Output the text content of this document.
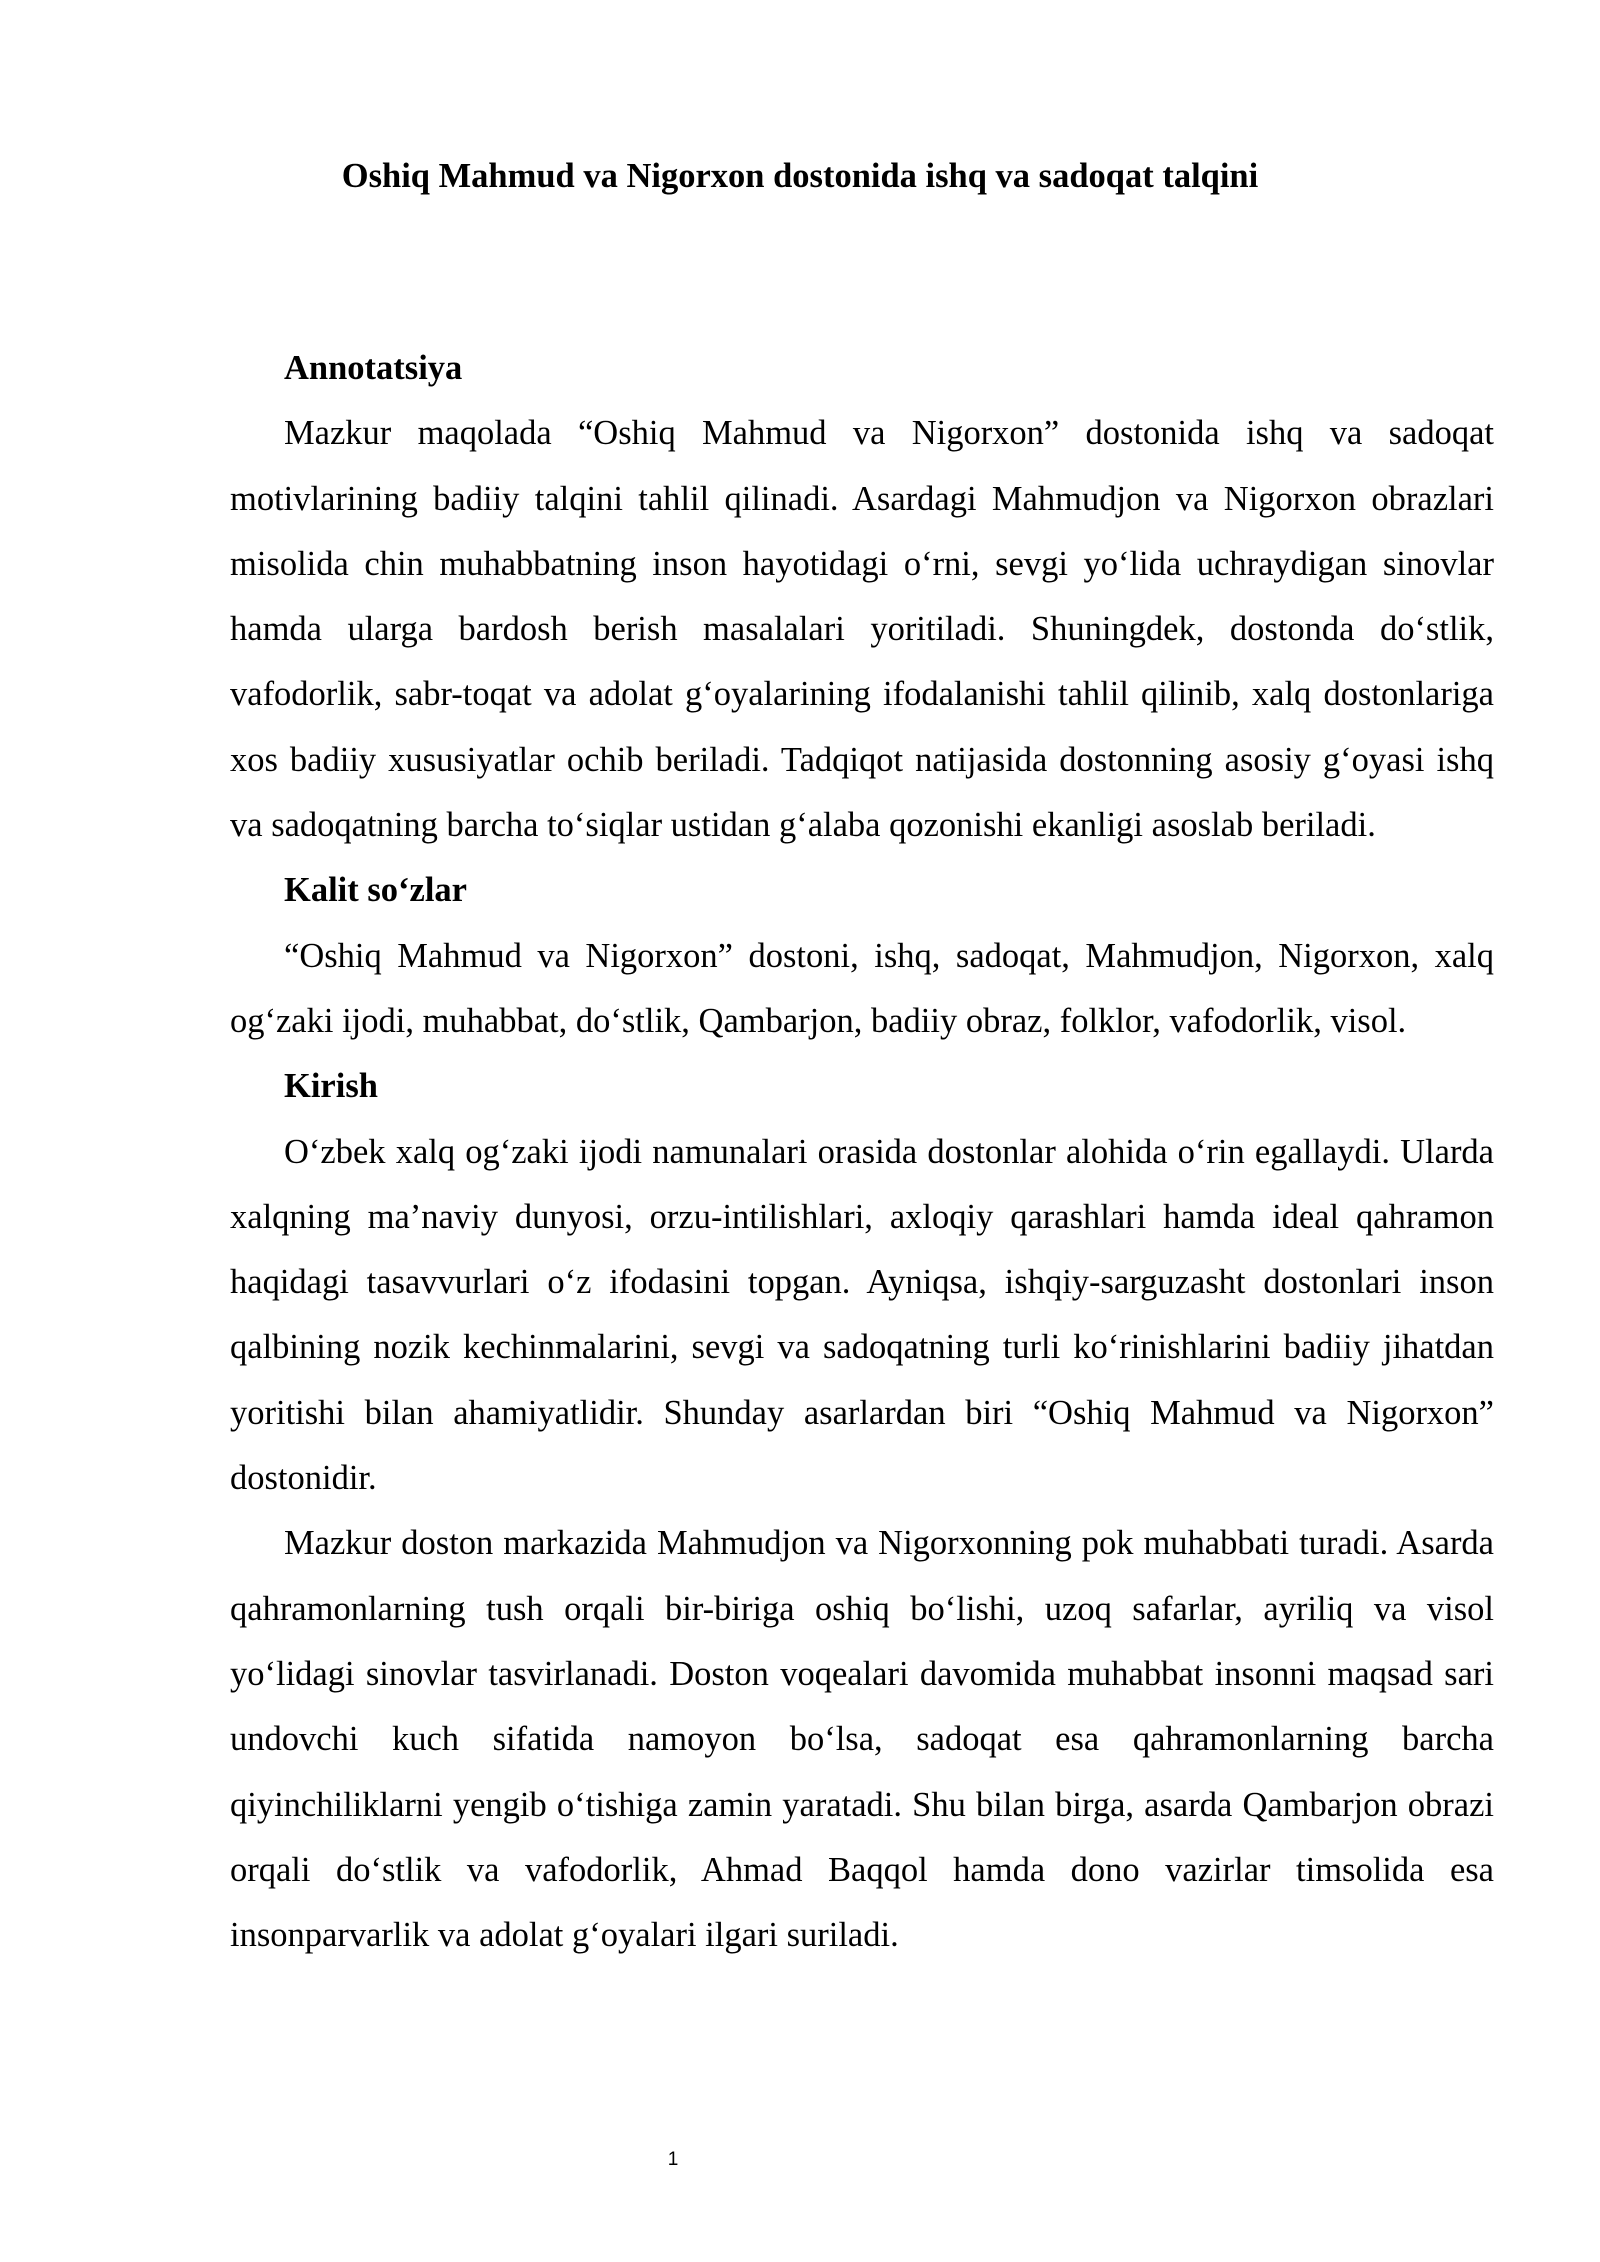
Oshiq Mahmud va Nigorxon dostonida ishq va sadoqat talqini

Annotatsiya

Mazkur maqolada “Oshiq Mahmud va Nigorxon” dostonida ishq va sadoqat motivlarining badiiy talqini tahlil qilinadi. Asardagi Mahmudjon va Nigorxon obrazlari misolida chin muhabbatning inson hayotidagi o‘rni, sevgi yo‘lida uchraydigan sinovlar hamda ularga bardosh berish masalalari yoritiladi. Shuningdek, dostonda do‘stlik, vafodorlik, sabr-toqat va adolat g‘oyalarining ifodalanishi tahlil qilinib, xalq dostonlariga xos badiiy xususiyatlar ochib beriladi. Tadqiqot natijasida dostonning asosiy g‘oyasi ishq va sadoqatning barcha to‘siqlar ustidan g‘alaba qozonishi ekanligi asoslab beriladi.

Kalit so‘zlar

“Oshiq Mahmud va Nigorxon” dostoni, ishq, sadoqat, Mahmudjon, Nigorxon, xalq og‘zaki ijodi, muhabbat, do‘stlik, Qambarjon, badiiy obraz, folklor, vafodorlik, visol.

Kirish

O‘zbek xalq og‘zaki ijodi namunalari orasida dostonlar alohida o‘rin egallaydi. Ularda xalqning ma’naviy dunyosi, orzu-intilishlari, axloqiy qarashlari hamda ideal qahramon haqidagi tasavvurlari o‘z ifodasini topgan. Ayniqsa, ishqiy-sarguzasht dostonlari inson qalbining nozik kechinmalarini, sevgi va sadoqatning turli ko‘rinishlarini badiiy jihatdan yoritishi bilan ahamiyatlidir. Shunday asarlardan biri “Oshiq Mahmud va Nigorxon” dostonidir.

Mazkur doston markazida Mahmudjon va Nigorxonning pok muhabbati turadi. Asarda qahramonlarning tush orqali bir-biriga oshiq bo‘lishi, uzoq safarlar, ayriliq va visol yo‘lidagi sinovlar tasvirlanadi. Doston voqealari davomida muhabbat insonni maqsad sari undovchi kuch sifatida namoyon bo‘lsa, sadoqat esa qahramonlarning barcha qiyinchiliklarni yengib o‘tishiga zamin yaratadi. Shu bilan birga, asarda Qambarjon obrazi orqali do‘stlik va vafodorlik, Ahmad Baqqol hamda dono vazirlar timsolida esa insonparvarlik va adolat g‘oyalari ilgari suriladi.

1
